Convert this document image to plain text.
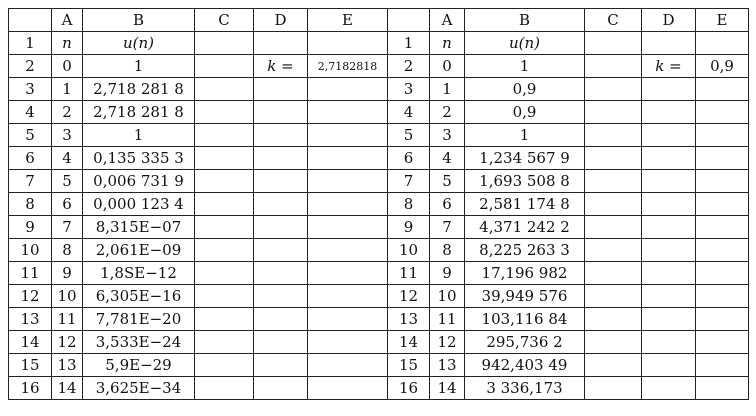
	A	B	C	D	E		A	B	C	D	E
1	n	u(n)				1	n	u(n)			
2	0	1		k =	2,7182818	2	0	1		k =	0,9
3	1	2,718 281 8				3	1	0,9			
4	2	2,718 281 8				4	2	0,9			
5	3	1				5	3	1			
6	4	0,135 335 3				6	4	1,234 567 9			
7	5	0,006 731 9				7	5	1,693 508 8			
8	6	0,000 123 4				8	6	2,581 174 8			
9	7	8,315E−07				9	7	4,371 242 2			
10	8	2,061E−09				10	8	8,225 263 3			
11	9	1,8SE−12				11	9	17,196 982			
12	10	6,305E−16				12	10	39,949 576			
13	11	7,781E−20				13	11	103,116 84			
14	12	3,533E−24				14	12	295,736 2			
15	13	5,9E−29				15	13	942,403 49			
16	14	3,625E−34				16	14	3 336,173			
